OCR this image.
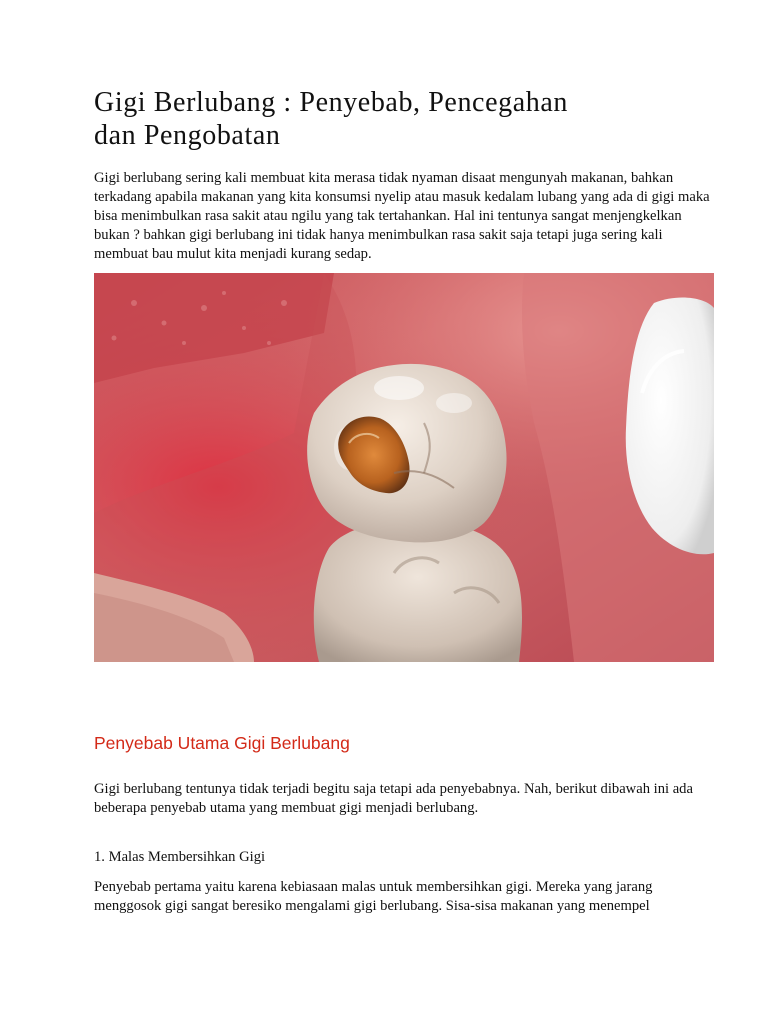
Gigi Berlubang : Penyebab, Pencegahan
dan Pengobatan

Gigi berlubang sering kali membuat kita merasa tidak nyaman disaat mengunyah makanan, bahkan terkadang apabila makanan yang kita konsumsi nyelip atau masuk kedalam lubang yang ada di gigi maka bisa menimbulkan rasa sakit atau ngilu yang tak tertahankan. Hal ini tentunya sangat menjengkelkan bukan ? bahkan gigi berlubang ini tidak hanya menimbulkan rasa sakit saja tetapi juga sering kali membuat bau mulut kita menjadi kurang sedap.

Penyebab Utama Gigi Berlubang

Gigi berlubang tentunya tidak terjadi begitu saja tetapi ada penyebabnya. Nah, berikut dibawah ini ada beberapa penyebab utama yang membuat gigi menjadi berlubang.

1. Malas Membersihkan Gigi

Penyebab pertama yaitu karena kebiasaan malas untuk membersihkan gigi. Mereka yang jarang menggosok gigi sangat beresiko mengalami gigi berlubang. Sisa-sisa makanan yang menempel
